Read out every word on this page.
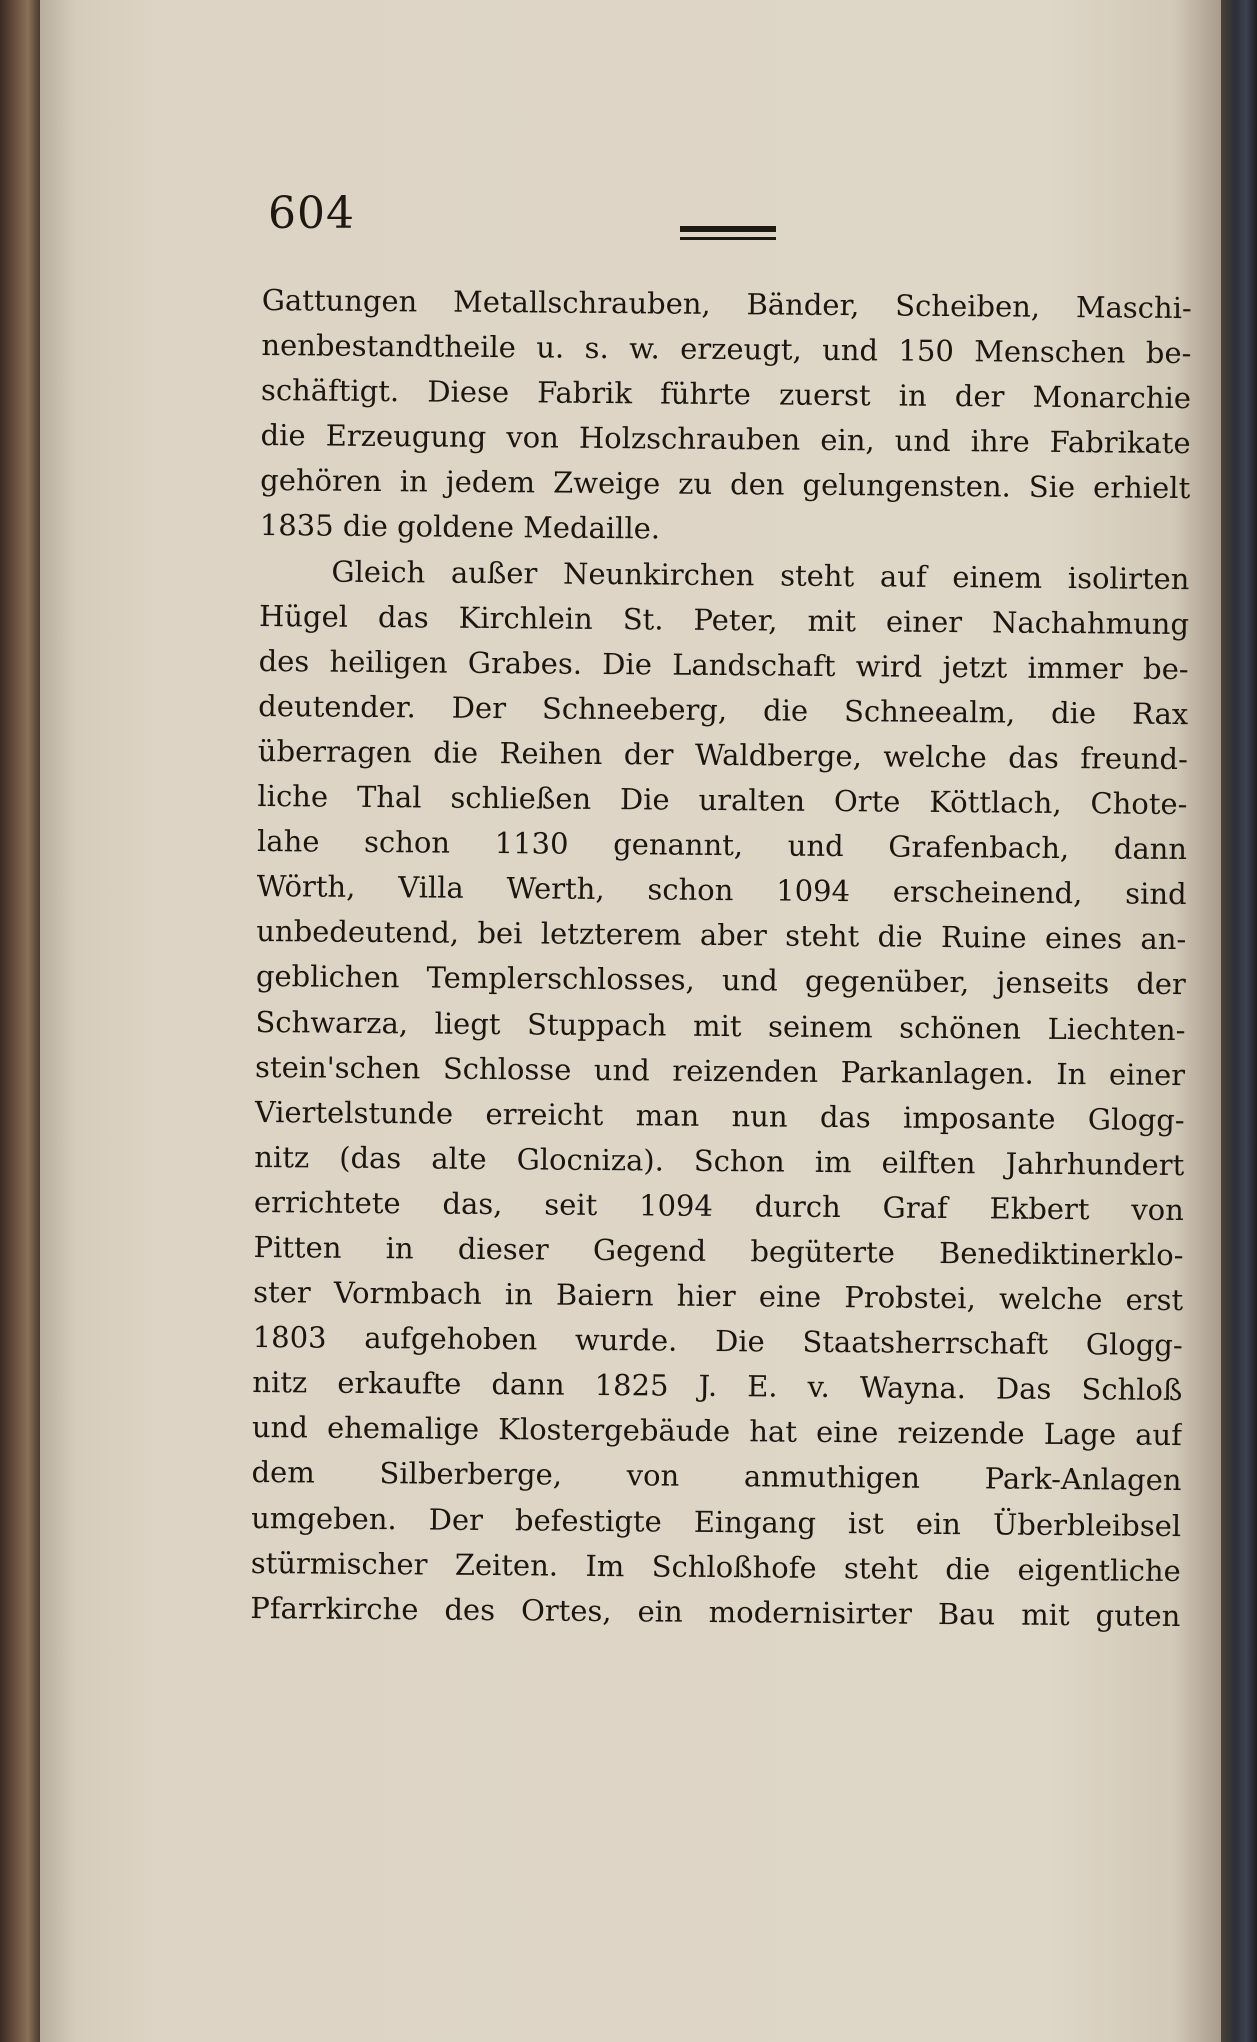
604
Gattungen Metallschrauben, Bänder, Scheiben, Maschi-
nenbestandtheile u. s. w. erzeugt, und 150 Menschen be-
schäftigt. Diese Fabrik führte zuerst in der Monarchie
die Erzeugung von Holzschrauben ein, und ihre Fabrikate
gehören in jedem Zweige zu den gelungensten. Sie erhielt
1835 die goldene Medaille.
Gleich außer Neunkirchen steht auf einem isolirten
Hügel das Kirchlein St. Peter, mit einer Nachahmung
des heiligen Grabes. Die Landschaft wird jetzt immer be-
deutender. Der Schneeberg, die Schneealm, die Rax
überragen die Reihen der Waldberge, welche das freund-
liche Thal schließen Die uralten Orte Köttlach, Chote-
lahe schon 1130 genannt, und Grafenbach, dann
Wörth, Villa Werth, schon 1094 erscheinend, sind
unbedeutend, bei letzterem aber steht die Ruine eines an-
geblichen Templerschlosses, und gegenüber, jenseits der
Schwarza, liegt Stuppach mit seinem schönen Liechten-
stein'schen Schlosse und reizenden Parkanlagen. In einer
Viertelstunde erreicht man nun das imposante Glogg-
nitz (das alte Glocniza). Schon im eilften Jahrhundert
errichtete das, seit 1094 durch Graf Ekbert von
Pitten in dieser Gegend begüterte Benediktinerklo-
ster Vormbach in Baiern hier eine Probstei, welche erst
1803 aufgehoben wurde. Die Staatsherrschaft Glogg-
nitz erkaufte dann 1825 J. E. v. Wayna. Das Schloß
und ehemalige Klostergebäude hat eine reizende Lage auf
dem Silberberge, von anmuthigen Park-Anlagen
umgeben. Der befestigte Eingang ist ein Überbleibsel
stürmischer Zeiten. Im Schloßhofe steht die eigentliche
Pfarrkirche des Ortes, ein modernisirter Bau mit guten
